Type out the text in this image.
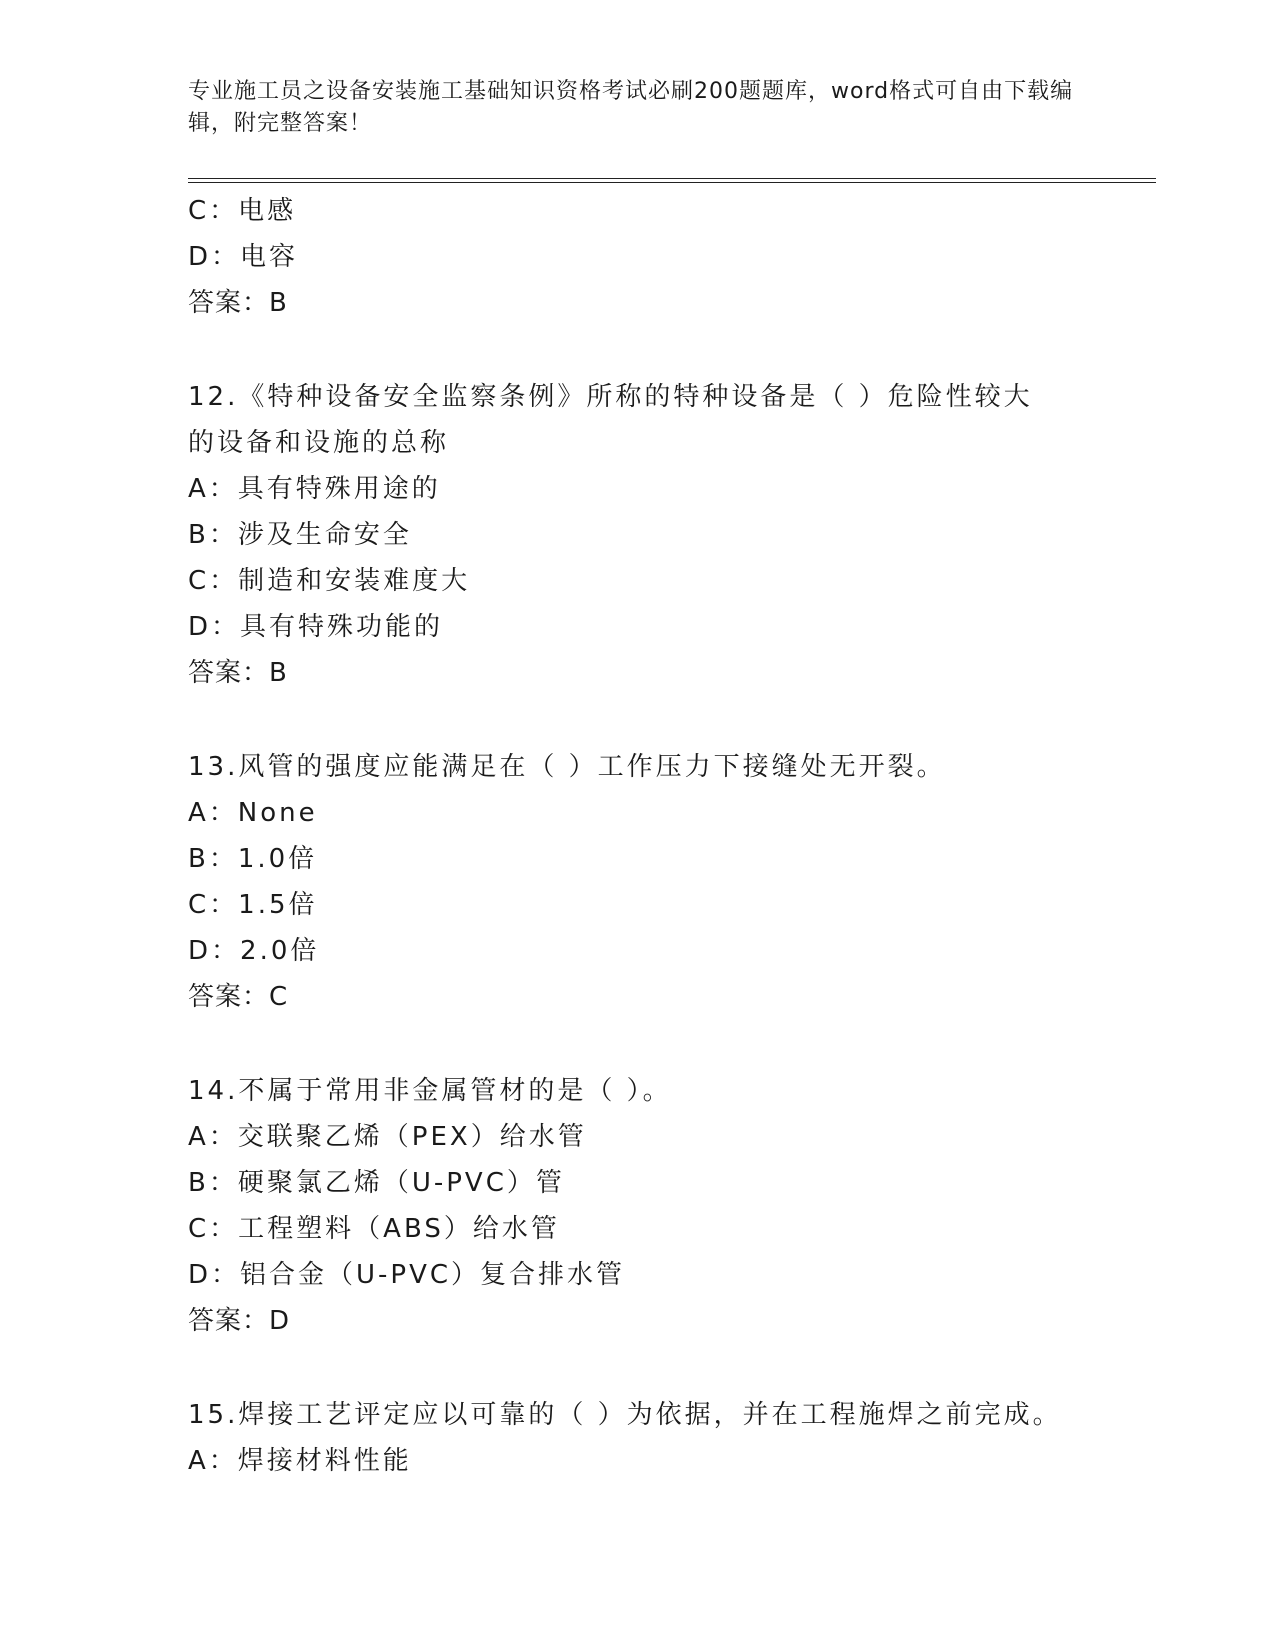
专业施工员之设备安装施工基础知识资格考试必刷200题题库，word格式可自由下载编辑，附完整答案！
C：电感
D：电容
答案：B
12.《特种设备安全监察条例》所称的特种设备是（ ）危险性较大的设备和设施的总称
A：具有特殊用途的
B：涉及生命安全
C：制造和安装难度大
D：具有特殊功能的
答案：B
13.风管的强度应能满足在（ ）工作压力下接缝处无开裂。
A：None
B：1.0倍
C：1.5倍
D：2.0倍
答案：C
14.不属于常用非金属管材的是（ ）。
A：交联聚乙烯（PEX）给水管
B：硬聚氯乙烯（U-PVC）管
C：工程塑料（ABS）给水管
D：铝合金（U-PVC）复合排水管
答案：D
15.焊接工艺评定应以可靠的（ ）为依据，并在工程施焊之前完成。
A：焊接材料性能
